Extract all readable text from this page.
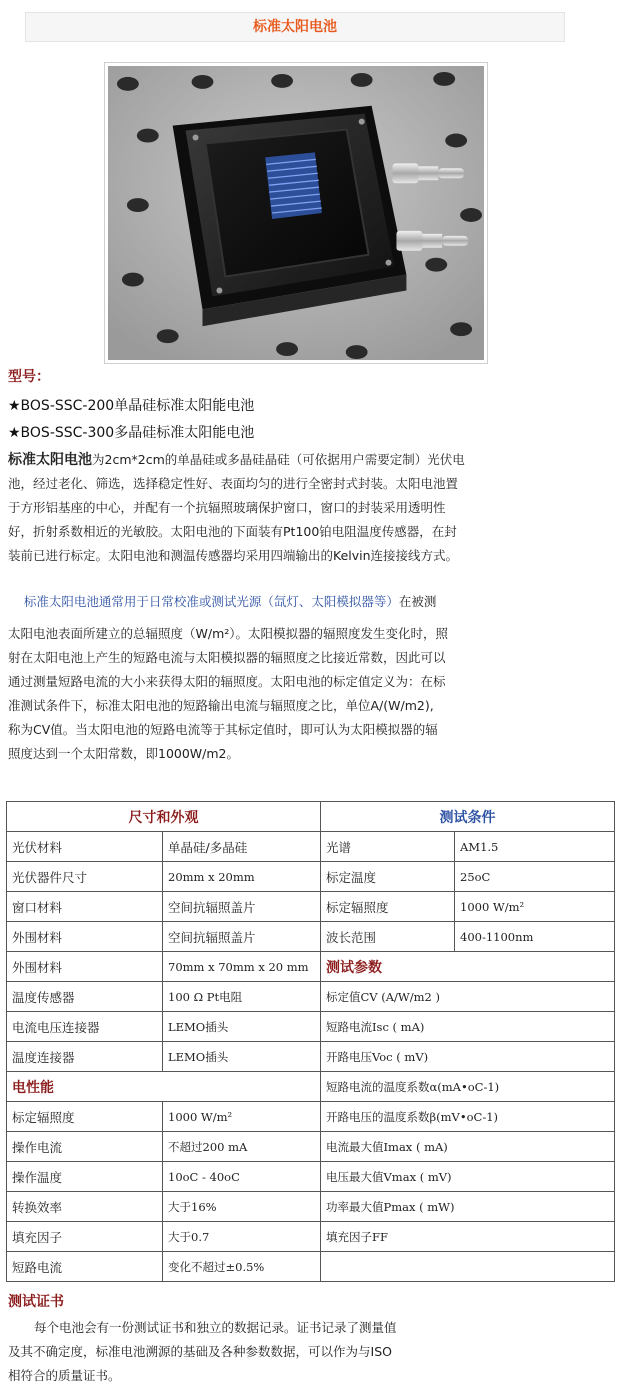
标准太阳电池
型号：
★BOS-SSC-200单晶硅标准太阳能电池
★BOS-SSC-300多晶硅标准太阳能电池
标准太阳电池为2cm*2cm的单晶硅或多晶硅晶硅（可依据用户需要定制）光伏电
池，经过老化、筛选，选择稳定性好、表面均匀的进行全密封式封装。太阳电池置
于方形铝基座的中心，并配有一个抗辐照玻璃保护窗口，窗口的封装采用透明性
好，折射系数相近的光敏胶。太阳电池的下面装有Pt100铂电阻温度传感器，在封
装前已进行标定。太阳电池和测温传感器均采用四端输出的Kelvin连接接线方式。
标准太阳电池通常用于日常校准或测试光源（氙灯、太阳模拟器等）在被测
太阳电池表面所建立的总辐照度（W/m²）。太阳模拟器的辐照度发生变化时，照
射在太阳电池上产生的短路电流与太阳模拟器的辐照度之比接近常数，因此可以
通过测量短路电流的大小来获得太阳的辐照度。太阳电池的标定值定义为：在标
准测试条件下，标准太阳电池的短路输出电流与辐照度之比，单位A/(W/m2),
称为CV值。当太阳电池的短路电流等于其标定值时，即可认为太阳模拟器的辐
照度达到一个太阳常数，即1000W/m2。
尺寸和外观		测试条件	
光伏材料	单晶硅/多晶硅	光谱	AM1.5
光伏器件尺寸	20mm x 20mm	标定温度	25oC
窗口材料	空间抗辐照盖片	标定辐照度	1000 W/m²
外围材料	空间抗辐照盖片	波长范围	400-1100nm
外围材料	70mm x 70mm x 20 mm	测试参数	
温度传感器	100 Ω Pt电阻	标定值CV (A/W/m2 )	
电流电压连接器	LEMO插头	短路电流Isc ( mA)	
温度连接器	LEMO插头	开路电压Voc ( mV)	
电性能		短路电流的温度系数α(mA•oC-1)	
标定辐照度	1000 W/m²	开路电压的温度系数β(mV•oC-1)	
操作电流	不超过200 mA	电流最大值Imax ( mA)	
操作温度	10oC - 40oC	电压最大值Vmax ( mV)	
转换效率	大于16%	功率最大值Pmax ( mW)	
填充因子	大于0.7	填充因子FF	
短路电流	变化不超过±0.5%		
测试证书
每个电池会有一份测试证书和独立的数据记录。证书记录了测量值
及其不确定度，标准电池溯源的基础及各种参数数据，可以作为与ISO
相符合的质量证书。
